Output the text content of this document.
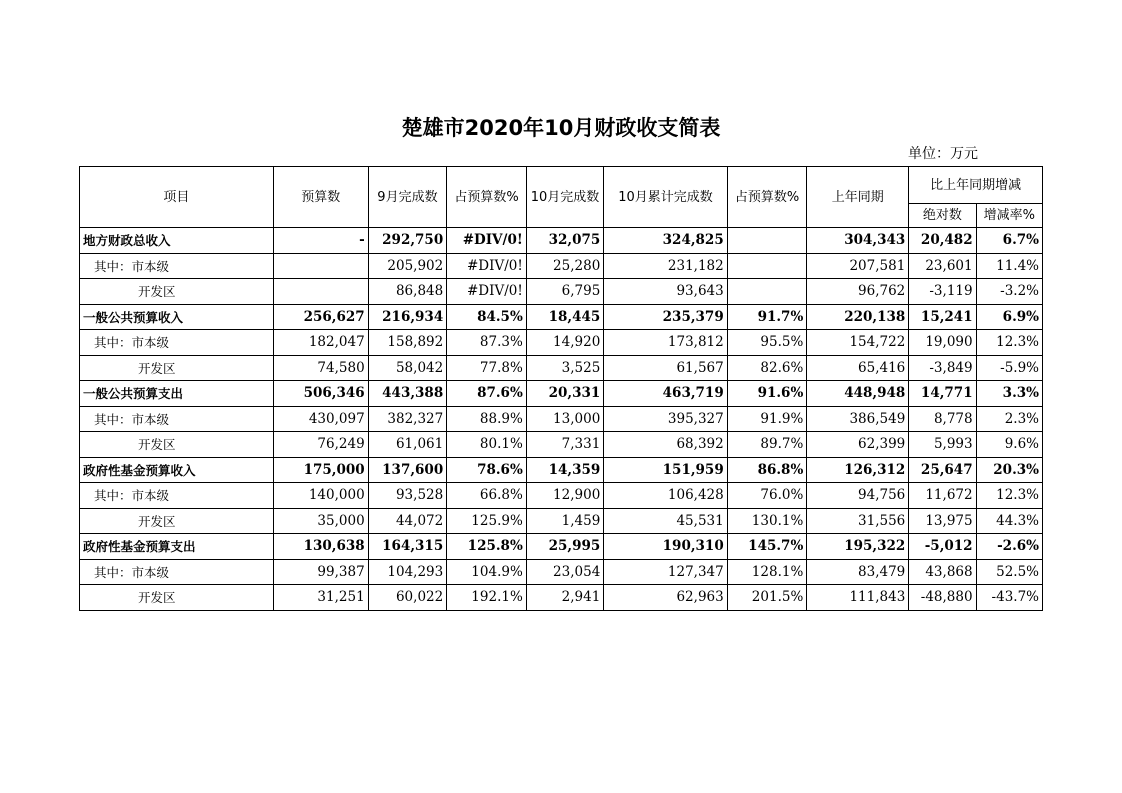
楚雄市2020年10月财政收支简表
单位：万元
项目	预算数	9月完成数	占预算数%	10月完成数	10月累计完成数	占预算数%	上年同期	比上年同期增减	
								绝对数	增减率%
地方财政总收入	-	292,750	#DIV/0!	32,075	324,825		304,343	20,482	6.7%
其中：市本级		205,902	#DIV/0!	25,280	231,182		207,581	23,601	11.4%
开发区		86,848	#DIV/0!	6,795	93,643		96,762	-3,119	-3.2%
一般公共预算收入	256,627	216,934	84.5%	18,445	235,379	91.7%	220,138	15,241	6.9%
其中：市本级	182,047	158,892	87.3%	14,920	173,812	95.5%	154,722	19,090	12.3%
开发区	74,580	58,042	77.8%	3,525	61,567	82.6%	65,416	-3,849	-5.9%
一般公共预算支出	506,346	443,388	87.6%	20,331	463,719	91.6%	448,948	14,771	3.3%
其中：市本级	430,097	382,327	88.9%	13,000	395,327	91.9%	386,549	8,778	2.3%
开发区	76,249	61,061	80.1%	7,331	68,392	89.7%	62,399	5,993	9.6%
政府性基金预算收入	175,000	137,600	78.6%	14,359	151,959	86.8%	126,312	25,647	20.3%
其中：市本级	140,000	93,528	66.8%	12,900	106,428	76.0%	94,756	11,672	12.3%
开发区	35,000	44,072	125.9%	1,459	45,531	130.1%	31,556	13,975	44.3%
政府性基金预算支出	130,638	164,315	125.8%	25,995	190,310	145.7%	195,322	-5,012	-2.6%
其中：市本级	99,387	104,293	104.9%	23,054	127,347	128.1%	83,479	43,868	52.5%
开发区	31,251	60,022	192.1%	2,941	62,963	201.5%	111,843	-48,880	-43.7%
